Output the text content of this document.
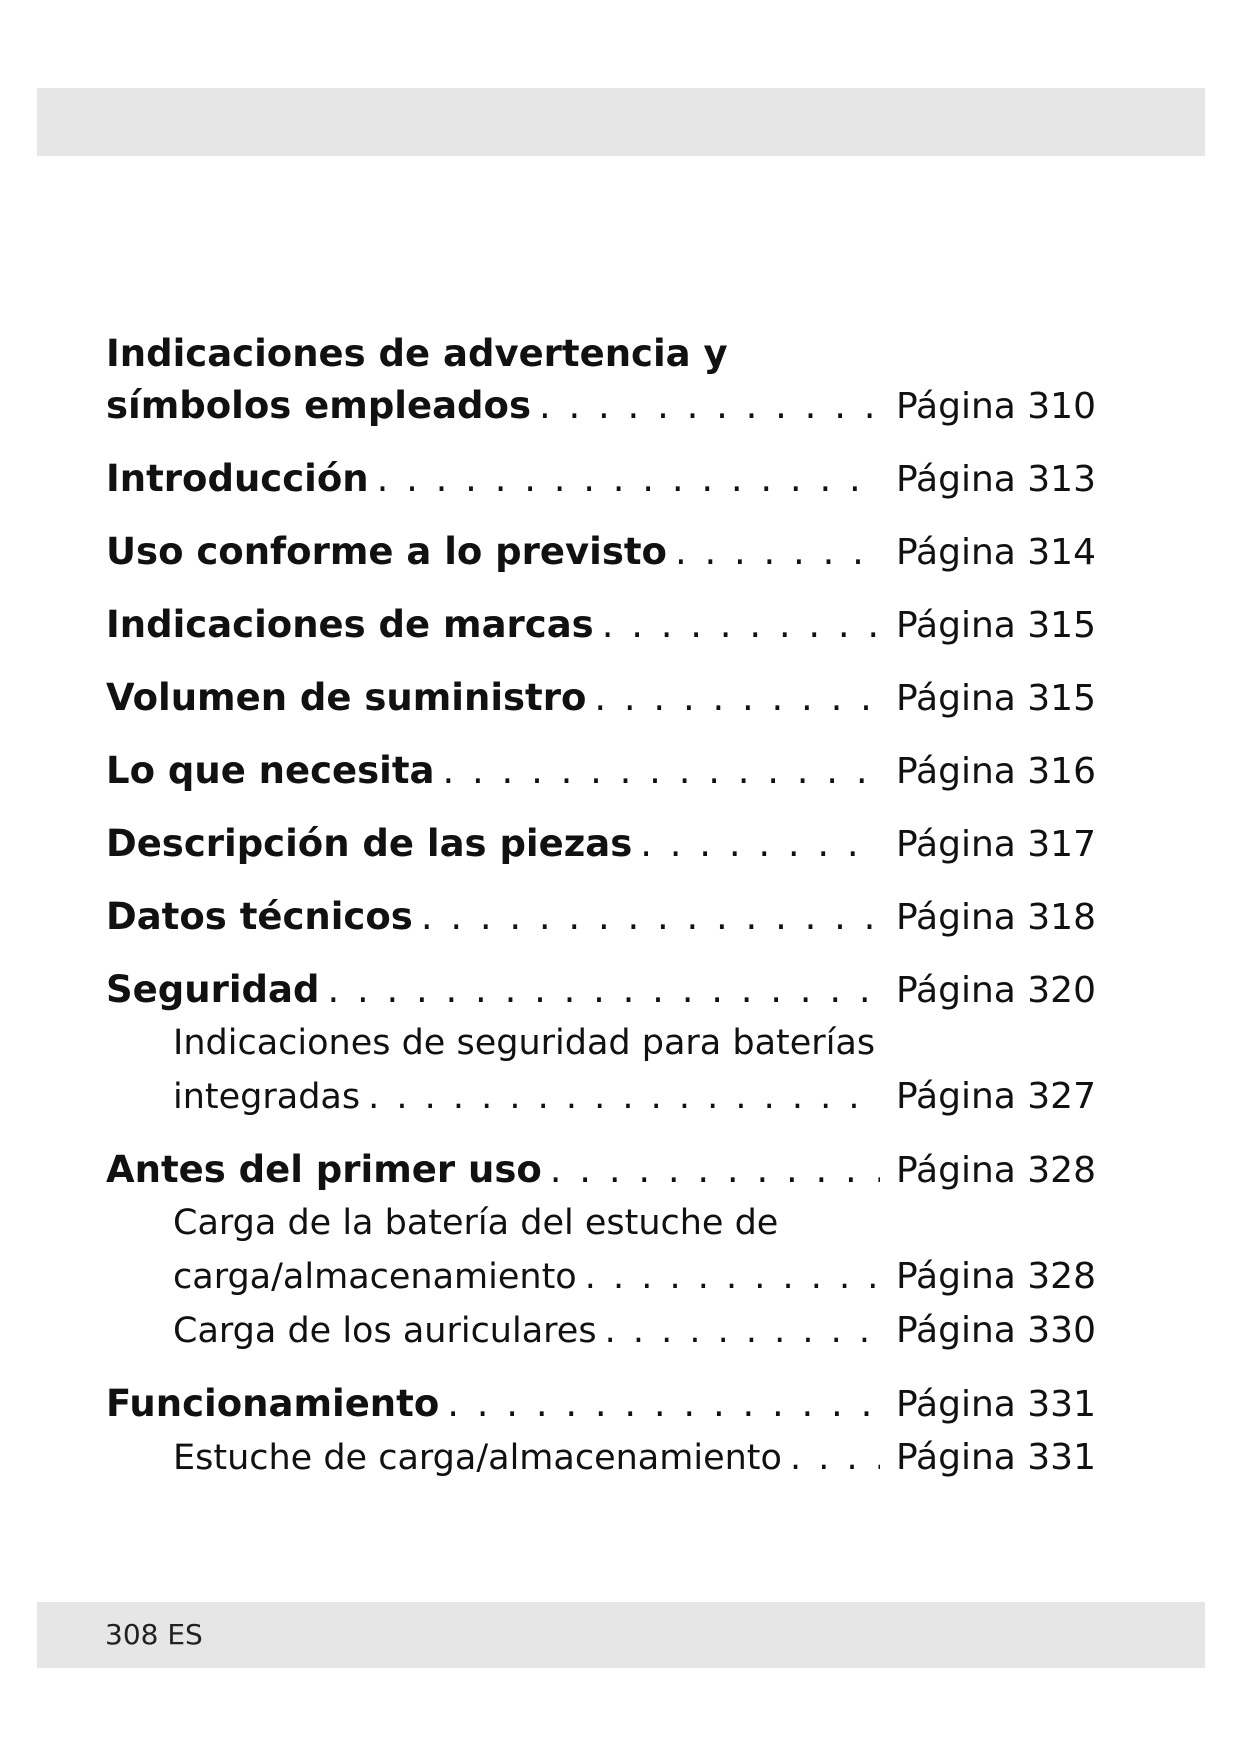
Indicaciones de advertencia y
símbolos empleados . . .	Página 310
Introducción . . .	Página 313
Uso conforme a lo previsto . . .	Página 314
Indicaciones de marcas . . .	Página 315
Volumen de suministro . . .	Página 315
Lo que necesita . . .	Página 316
Descripción de las piezas . . .	Página 317
Datos técnicos . . .	Página 318
Seguridad . . .	Página 320
Indicaciones de seguridad para baterías
integradas . . .	Página 327
Antes del primer uso . . .	Página 328
Carga de la batería del estuche de
carga/almacenamiento . . .	Página 328
Carga de los auriculares . . .	Página 330
Funcionamiento . . .	Página 331
Estuche de carga/almacenamiento . . .	Página 331
308 ES
